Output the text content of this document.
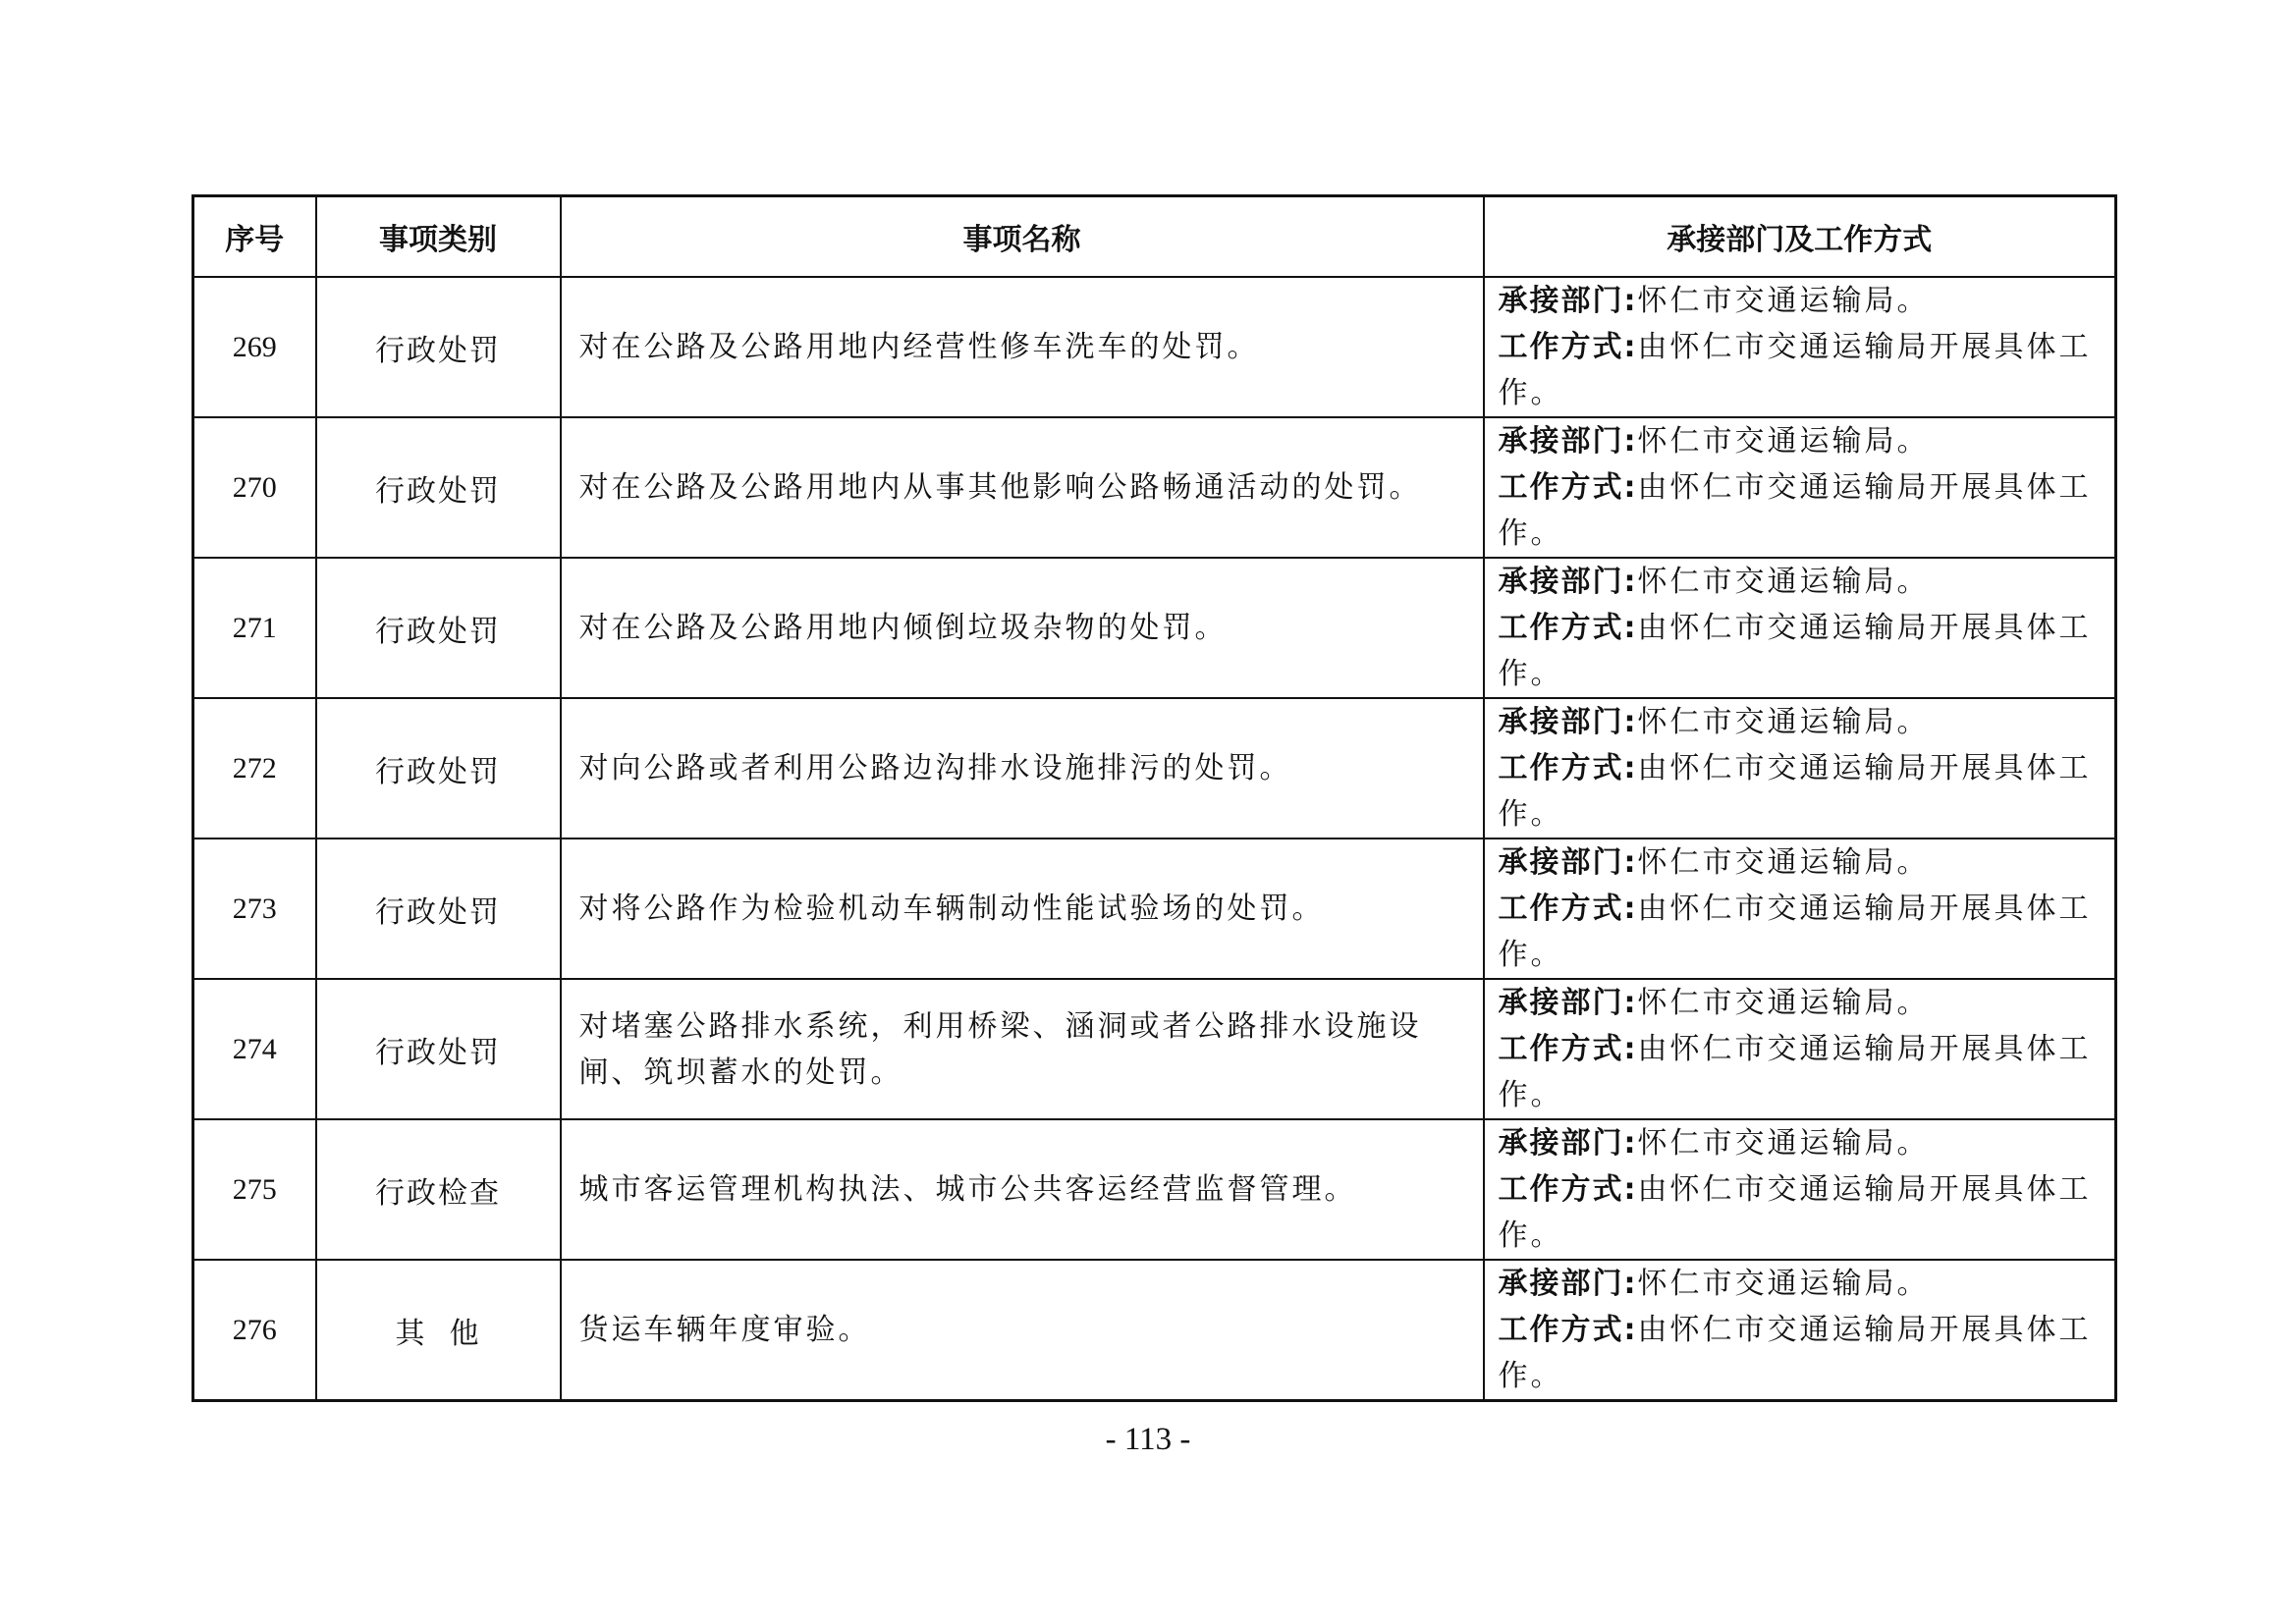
序号	事项类别	事项名称	承接部门及工作方式
269	行政处罚	对在公路及公路用地内经营性修车洗车的处罚。	承接部门:怀仁市交通运输局。
工作方式:由怀仁市交通运输局开展具体工作。

270	行政处罚	对在公路及公路用地内从事其他影响公路畅通活动的处罚。	承接部门:怀仁市交通运输局。
工作方式:由怀仁市交通运输局开展具体工作。

271	行政处罚	对在公路及公路用地内倾倒垃圾杂物的处罚。	承接部门:怀仁市交通运输局。
工作方式:由怀仁市交通运输局开展具体工作。

272	行政处罚	对向公路或者利用公路边沟排水设施排污的处罚。	承接部门:怀仁市交通运输局。
工作方式:由怀仁市交通运输局开展具体工作。

273	行政处罚	对将公路作为检验机动车辆制动性能试验场的处罚。	承接部门:怀仁市交通运输局。
工作方式:由怀仁市交通运输局开展具体工作。

274	行政处罚	对堵塞公路排水系统，利用桥梁、涵洞或者公路排水设施设闸、筑坝蓄水的处罚。	承接部门:怀仁市交通运输局。
工作方式:由怀仁市交通运输局开展具体工作。

275	行政检查	城市客运管理机构执法、城市公共客运经营监督管理。	承接部门:怀仁市交通运输局。
工作方式:由怀仁市交通运输局开展具体工作。

276	其  他	货运车辆年度审验。	承接部门:怀仁市交通运输局。
工作方式:由怀仁市交通运输局开展具体工作。
- 113 -
